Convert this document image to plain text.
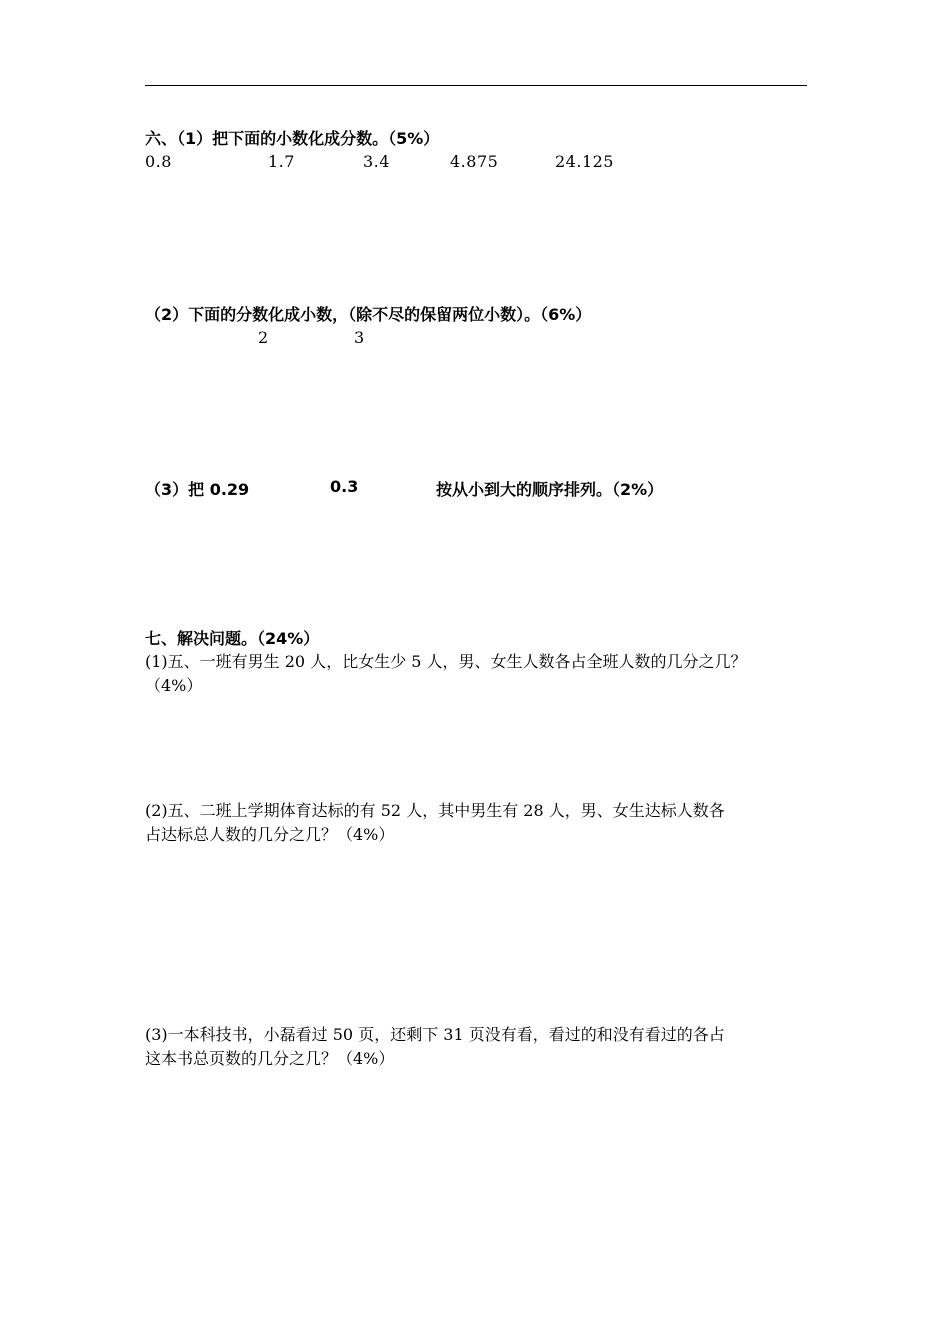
六、（1）把下面的小数化成分数。（5%）
0.8	1.7	3.4	4.875	24.125
（2）下面的分数化成小数，（除不尽的保留两位小数）。（6%）
2	3
（3）把 0.29	0.3	按从小到大的顺序排列。（2%）
七、解决问题。（24%）
(1)五、一班有男生 20 人，比女生少 5 人，男、女生人数各占全班人数的几分之几？
（4%）
(2)五、二班上学期体育达标的有 52 人，其中男生有 28 人，男、女生达标人数各
占达标总人数的几分之几？（4%）
(3)一本科技书，小磊看过 50 页，还剩下 31 页没有看，看过的和没有看过的各占
这本书总页数的几分之几？（4%）
